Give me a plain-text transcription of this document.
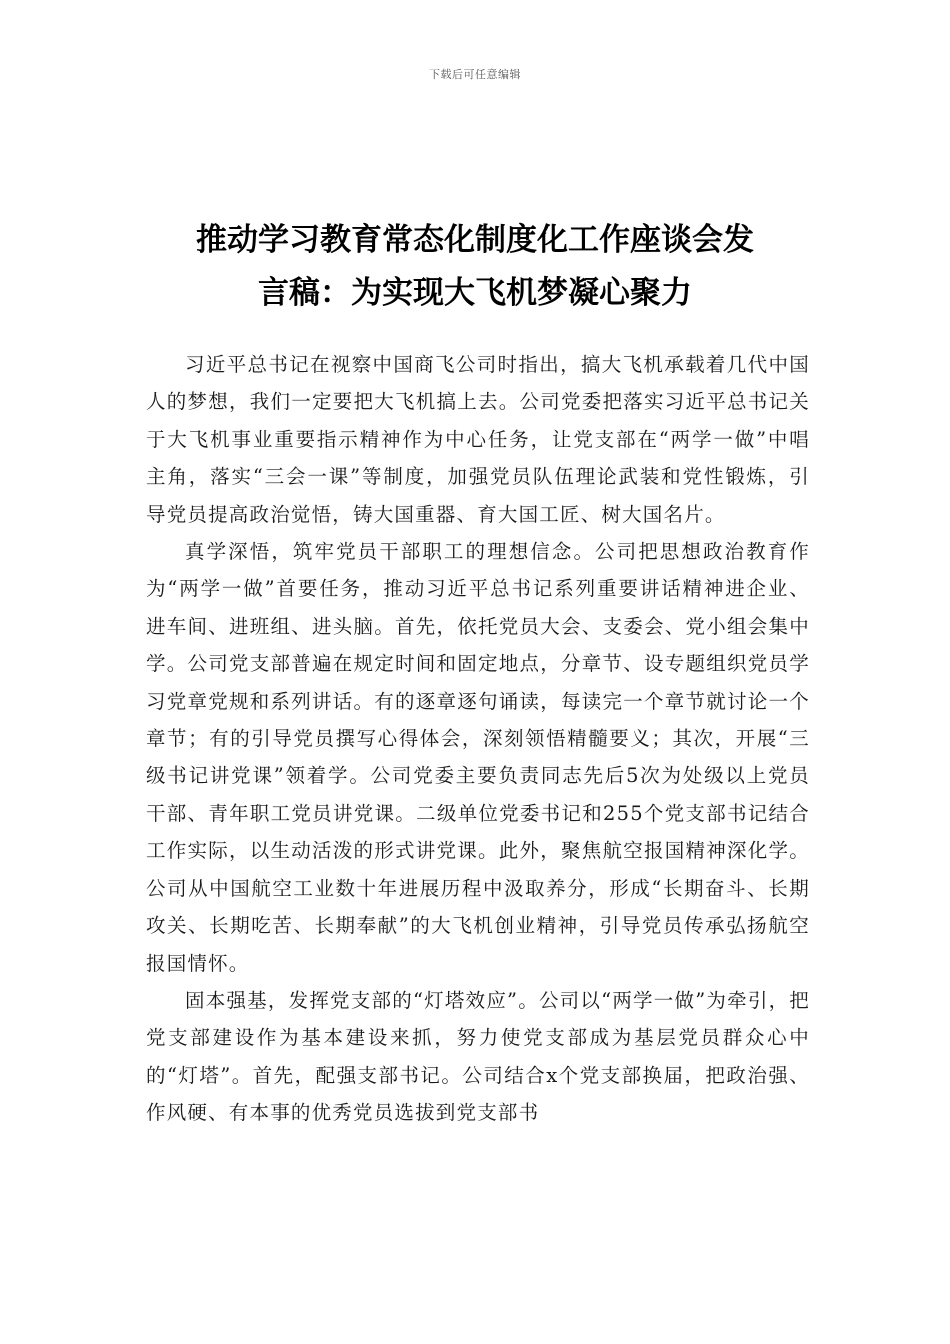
下载后可任意编辑
推动学习教育常态化制度化工作座谈会发
言稿：为实现大飞机梦凝心聚力

习近平总书记在视察中国商飞公司时指出，搞大飞机承载着几代中国人的梦想，我们一定要把大飞机搞上去。公司党委把落实习近平总书记关于大飞机事业重要指示精神作为中心任务，让党支部在“两学一做”中唱主角，落实“三会一课”等制度，加强党员队伍理论武装和党性锻炼，引导党员提高政治觉悟，铸大国重器、育大国工匠、树大国名片。

真学深悟，筑牢党员干部职工的理想信念。公司把思想政治教育作为“两学一做”首要任务，推动习近平总书记系列重要讲话精神进企业、进车间、进班组、进头脑。首先，依托党员大会、支委会、党小组会集中学。公司党支部普遍在规定时间和固定地点，分章节、设专题组织党员学习党章党规和系列讲话。有的逐章逐句诵读，每读完一个章节就讨论一个章节；有的引导党员撰写心得体会，深刻领悟精髓要义；其次，开展“三级书记讲党课”领着学。公司党委主要负责同志先后5次为处级以上党员干部、青年职工党员讲党课。二级单位党委书记和255个党支部书记结合工作实际，以生动活泼的形式讲党课。此外，聚焦航空报国精神深化学。公司从中国航空工业数十年进展历程中汲取养分，形成“长期奋斗、长期攻关、长期吃苦、长期奉献”的大飞机创业精神，引导党员传承弘扬航空报国情怀。

固本强基，发挥党支部的“灯塔效应”。公司以“两学一做”为牵引，把党支部建设作为基本建设来抓，努力使党支部成为基层党员群众心中的“灯塔”。首先，配强支部书记。公司结合x个党支部换届，把政治强、作风硬、有本事的优秀党员选拔到党支部书
